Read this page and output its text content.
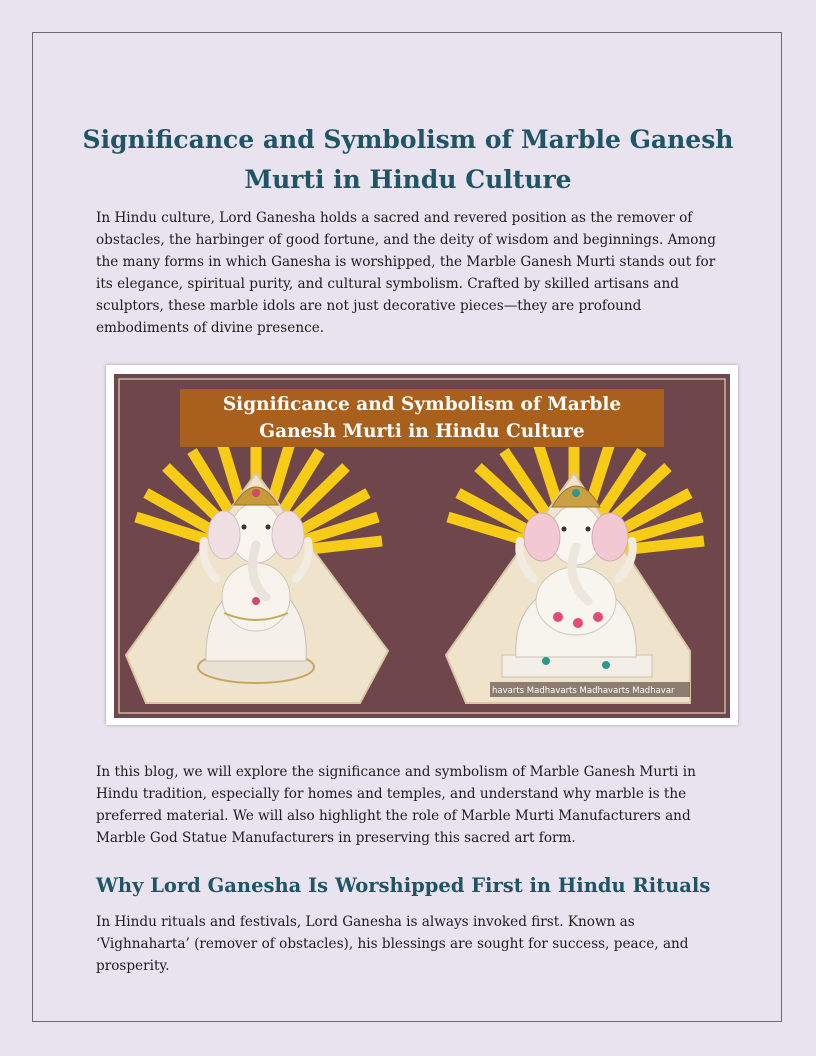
Significance and Symbolism of Marble Ganesh Murti in Hindu Culture

In Hindu culture, Lord Ganesha holds a sacred and revered position as the remover of obstacles, the harbinger of good fortune, and the deity of wisdom and beginnings. Among the many forms in which Ganesha is worshipped, the Marble Ganesh Murti stands out for its elegance, spiritual purity, and cultural symbolism. Crafted by skilled artisans and sculptors, these marble idols are not just decorative pieces—they are profound embodiments of divine presence.

Significance and Symbolism of Marble
Ganesh Murti in Hindu Culture
havarts Madhavarts Madhavarts Madhavar

In this blog, we will explore the significance and symbolism of Marble Ganesh Murti in Hindu tradition, especially for homes and temples, and understand why marble is the preferred material. We will also highlight the role of Marble Murti Manufacturers and Marble God Statue Manufacturers in preserving this sacred art form.

Why Lord Ganesha Is Worshipped First in Hindu Rituals

In Hindu rituals and festivals, Lord Ganesha is always invoked first. Known as ‘Vighnaharta’ (remover of obstacles), his blessings are sought for success, peace, and prosperity.
